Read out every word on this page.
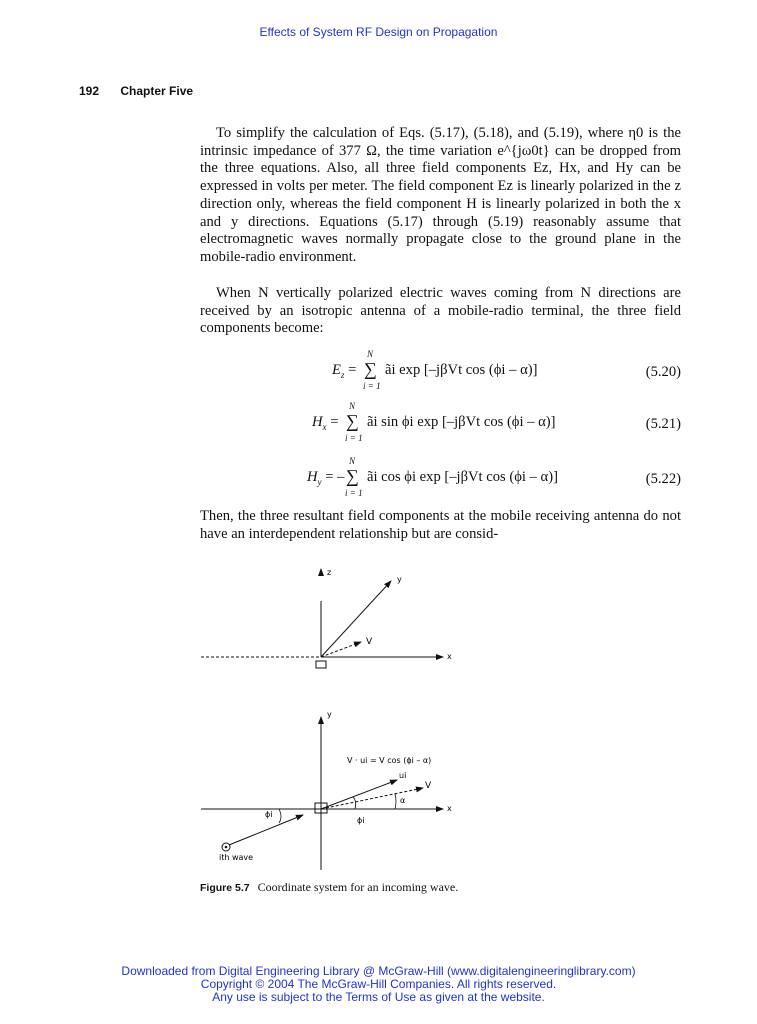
Effects of System RF Design on Propagation
192 Chapter Five

To simplify the calculation of Eqs. (5.17), (5.18), and (5.19), where η0 is the intrinsic impedance of 377 Ω, the time variation e^{jω0t} can be dropped from the three equations. Also, all three field components Ez, Hx, and Hy can be expressed in volts per meter. The field component Ez is linearly polarized in the z direction only, whereas the field component H is linearly polarized in both the x and y directions. Equations (5.17) through (5.19) reasonably assume that electromagnetic waves normally propagate close to the ground plane in the mobile-radio environment.

When N vertically polarized electric waves coming from N directions are received by an isotropic antenna of a mobile-radio terminal, the three field components become:

$E_z$ =
N
∑
i = 1
ãi exp [–jβVt cos (ϕi – α)]	(5.20)
$H_x$ =
N
∑
i = 1
ãi sin ϕi exp [–jβVt cos (ϕi – α)]	(5.21)
$H_y$ = –
N
∑
i = 1
ãi cos ϕi exp [–jβVt cos (ϕi – α)]	(5.22)

Then, the three resultant field components at the mobile receiving antenna do not have an interdependent relationship but are consid-

z
y
x
V
y
x
V · ui = V cos (ϕi – α)
ui
V
α
ϕi
ϕi
ith wave
Figure 5.7 Coordinate system for an incoming wave.
Downloaded from Digital Engineering Library @ McGraw-Hill (www.digitalengineeringlibrary.com)
Copyright © 2004 The McGraw-Hill Companies. All rights reserved.
Any use is subject to the Terms of Use as given at the website.
